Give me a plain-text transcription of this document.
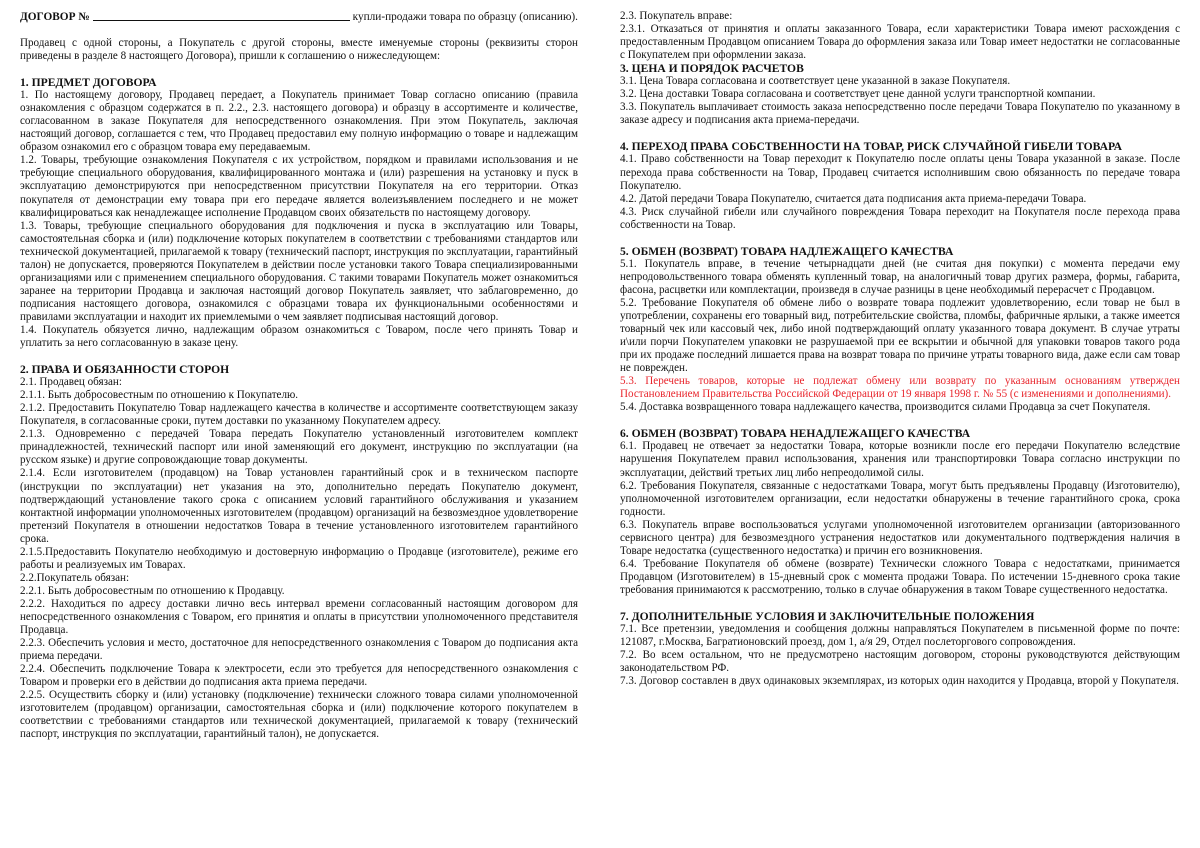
ДОГОВОР №	купли-продажи товара по образцу (описанию).

Продавец с одной стороны, а Покупатель с другой стороны, вместе именуемые стороны (реквизиты сторон приведены в разделе 8 настоящего Договора), пришли к соглашению о нижеследующем:

1. ПРЕДМЕТ ДОГОВОРА

1. По настоящему договору, Продавец передает, а Покупатель принимает Товар согласно описанию (правила ознакомления с образцом содержатся в п. 2.2., 2.3. настоящего договора) и образцу в ассортименте и количестве, согласованном в заказе Покупателя для непосредственного ознакомления. При этом Покупатель, заключая настоящий договор, соглашается с тем, что Продавец предоставил ему полную информацию о товаре и надлежащим образом ознакомил его с образцом товара ему передаваемым.

1.2. Товары, требующие ознакомления Покупателя с их устройством, порядком и правилами использования и не требующие специального оборудования, квалифицированного монтажа и (или) разрешения на установку и пуск в эксплуатацию демонстрируются при непосредственном присутствии Покупателя на его территории. Отказ покупателя от демонстрации ему товара при его передаче является волеизъявлением последнего и не может квалифицироваться как ненадлежащее исполнение Продавцом своих обязательств по настоящему договору.

1.3. Товары, требующие специального оборудования для подключения и пуска в эксплуатацию или Товары, самостоятельная сборка и (или) подключение которых покупателем в соответствии с требованиями стандартов или технической документацией, прилагаемой к товару (технический паспорт, инструкция по эксплуатации, гарантийный талон) не допускается, проверяются Покупателем в действии после установки такого Товара специализированными организациями или с применением специального оборудования. С такими товарами Покупатель может ознакомиться заранее на территории Продавца и заключая настоящий договор Покупатель заявляет, что заблаговременно, до подписания настоящего договора, ознакомился с образцами товара их функциональными особенностями и правилами эксплуатации и находит их приемлемыми о чем заявляет подписывая настоящий договор.

1.4. Покупатель обязуется лично, надлежащим образом ознакомиться с Товаром, после чего принять Товар и уплатить за него согласованную в заказе цену.

2. ПРАВА И ОБЯЗАННОСТИ СТОРОН

2.1. Продавец обязан:

2.1.1. Быть добросовестным по отношению к Покупателю.

2.1.2. Предоставить Покупателю Товар надлежащего качества в количестве и ассортименте соответствующем заказу Покупателя, в согласованные сроки, путем доставки по указанному Покупателем адресу.

2.1.3. Одновременно с передачей Товара передать Покупателю установленный изготовителем комплект принадлежностей, технический паспорт или иной заменяющий его документ, инструкцию по эксплуатации (на русском языке) и другие сопровождающие товар документы.

2.1.4. Если изготовителем (продавцом) на Товар установлен гарантийный срок и в техническом паспорте (инструкции по эксплуатации) нет указания на это, дополнительно передать Покупателю документ, подтверждающий установление такого срока с описанием условий гарантийного обслуживания и указанием контактной информации уполномоченных изготовителем (продавцом) организаций на безвозмездное удовлетворение претензий Покупателя в отношении недостатков Товара в течение установленного изготовителем гарантийного срока.

2.1.5.Предоставить Покупателю необходимую и достоверную информацию о Продавце (изготовителе), режиме его работы и реализуемых им Товарах.

2.2.Покупатель обязан:

2.2.1. Быть добросовестным по отношению к Продавцу.

2.2.2. Находиться по адресу доставки лично весь интервал времени согласованный настоящим договором для непосредственного ознакомления с Товаром, его принятия и оплаты в присутствии уполномоченного представителя Продавца.

2.2.3. Обеспечить условия и место, достаточное для непосредственного ознакомления с Товаром до подписания акта приема передачи.

2.2.4. Обеспечить подключение Товара к электросети, если это требуется для непосредственного ознакомления с Товаром и проверки его в действии до подписания акта приема передачи.

2.2.5. Осуществить сборку и (или) установку (подключение) технически сложного товара силами уполномоченной изготовителем (продавцом) организации, самостоятельная сборка и (или) подключение которого покупателем в соответствии с требованиями стандартов или технической документацией, прилагаемой к товару (технический паспорт, инструкция по эксплуатации, гарантийный талон), не допускается.

2.3. Покупатель вправе:

2.3.1. Отказаться от принятия и оплаты заказанного Товара, если характеристики Товара имеют расхождения с предоставленным Продавцом описанием Товара до оформления заказа или Товар имеет недостатки не согласованные с Покупателем при оформлении заказа.

3. ЦЕНА И ПОРЯДОК РАСЧЕТОВ

3.1. Цена Товара согласована и соответствует цене указанной в заказе Покупателя.

3.2. Цена доставки Товара согласована и соответствует цене данной услуги транспортной компании.

3.3. Покупатель выплачивает стоимость заказа непосредственно после передачи Товара Покупателю по указанному в заказе адресу и подписания акта приема-передачи.

4. ПЕРЕХОД ПРАВА СОБСТВЕННОСТИ НА ТОВАР, РИСК СЛУЧАЙНОЙ ГИБЕЛИ ТОВАРА

4.1. Право собственности на Товар переходит к Покупателю после оплаты цены Товара указанной в заказе. После перехода права собственности на Товар, Продавец считается исполнившим свою обязанность по передаче товара Покупателю.

4.2. Датой передачи Товара Покупателю, считается дата подписания акта приема-передачи Товара.

4.3. Риск случайной гибели или случайного повреждения Товара переходит на Покупателя после перехода права собственности на Товар.

5. ОБМЕН (ВОЗВРАТ) ТОВАРА НАДЛЕЖАЩЕГО КАЧЕСТВА

5.1. Покупатель вправе, в течение четырнадцати дней (не считая дня покупки) с момента передачи ему непродовольственного товара обменять купленный товар, на аналогичный товар других размера, формы, габарита, фасона, расцветки или комплектации, произведя в случае разницы в цене необходимый перерасчет с Продавцом.

5.2. Требование Покупателя об обмене либо о возврате товара подлежит удовлетворению, если товар не был в употреблении, сохранены его товарный вид, потребительские свойства, пломбы, фабричные ярлыки, а также имеется товарный чек или кассовый чек, либо иной подтверждающий оплату указанного товара документ. В случае утраты и\или порчи Покупателем упаковки не разрушаемой при ее вскрытии и обычной для упаковки товаров такого рода при их продаже последний лишается права на возврат товара по причине утраты товарного вида, даже если сам товар не поврежден.

5.3. Перечень товаров, которые не подлежат обмену или возврату по указанным основаниям утвержден Постановлением Правительства Российской Федерации от 19 января 1998 г. № 55 (с изменениями и дополнениями).

5.4. Доставка возвращенного товара надлежащего качества, производится силами Продавца за счет Покупателя.

6. ОБМЕН (ВОЗВРАТ) ТОВАРА НЕНАДЛЕЖАЩЕГО КАЧЕСТВА

6.1. Продавец не отвечает за недостатки Товара, которые возникли после его передачи Покупателю вследствие нарушения Покупателем правил использования, хранения или транспортировки Товара согласно инструкции по эксплуатации, действий третьих лиц либо непреодолимой силы.

6.2. Требования Покупателя, связанные с недостатками Товара, могут быть предъявлены Продавцу (Изготовителю), уполномоченной изготовителем организации, если недостатки обнаружены в течение гарантийного срока, срока годности.

6.3. Покупатель вправе воспользоваться услугами уполномоченной изготовителем организации (авторизованного сервисного центра) для безвозмездного устранения недостатков или документального подтверждения наличия в Товаре недостатка (существенного недостатка) и причин его возникновения.

6.4. Требование Покупателя об обмене (возврате) Технически сложного Товара с недостатками, принимается Продавцом (Изготовителем) в 15-дневный срок с момента продажи Товара. По истечении 15-дневного срока такие требования принимаются к рассмотрению, только в случае обнаружения в таком Товаре существенного недостатка.

7. ДОПОЛНИТЕЛЬНЫЕ УСЛОВИЯ И ЗАКЛЮЧИТЕЛЬНЫЕ ПОЛОЖЕНИЯ

7.1. Все претензии, уведомления и сообщения должны направляться Покупателем в письменной форме по почте: 121087, г.Москва, Багратионовский проезд, дом 1, а/я 29, Отдел послеторгового сопровождения.

7.2. Во всем остальном, что не предусмотрено настоящим договором, стороны руководствуются действующим законодательством РФ.

7.3. Договор составлен в двух одинаковых экземплярах, из которых один находится у Продавца, второй у Покупателя.
